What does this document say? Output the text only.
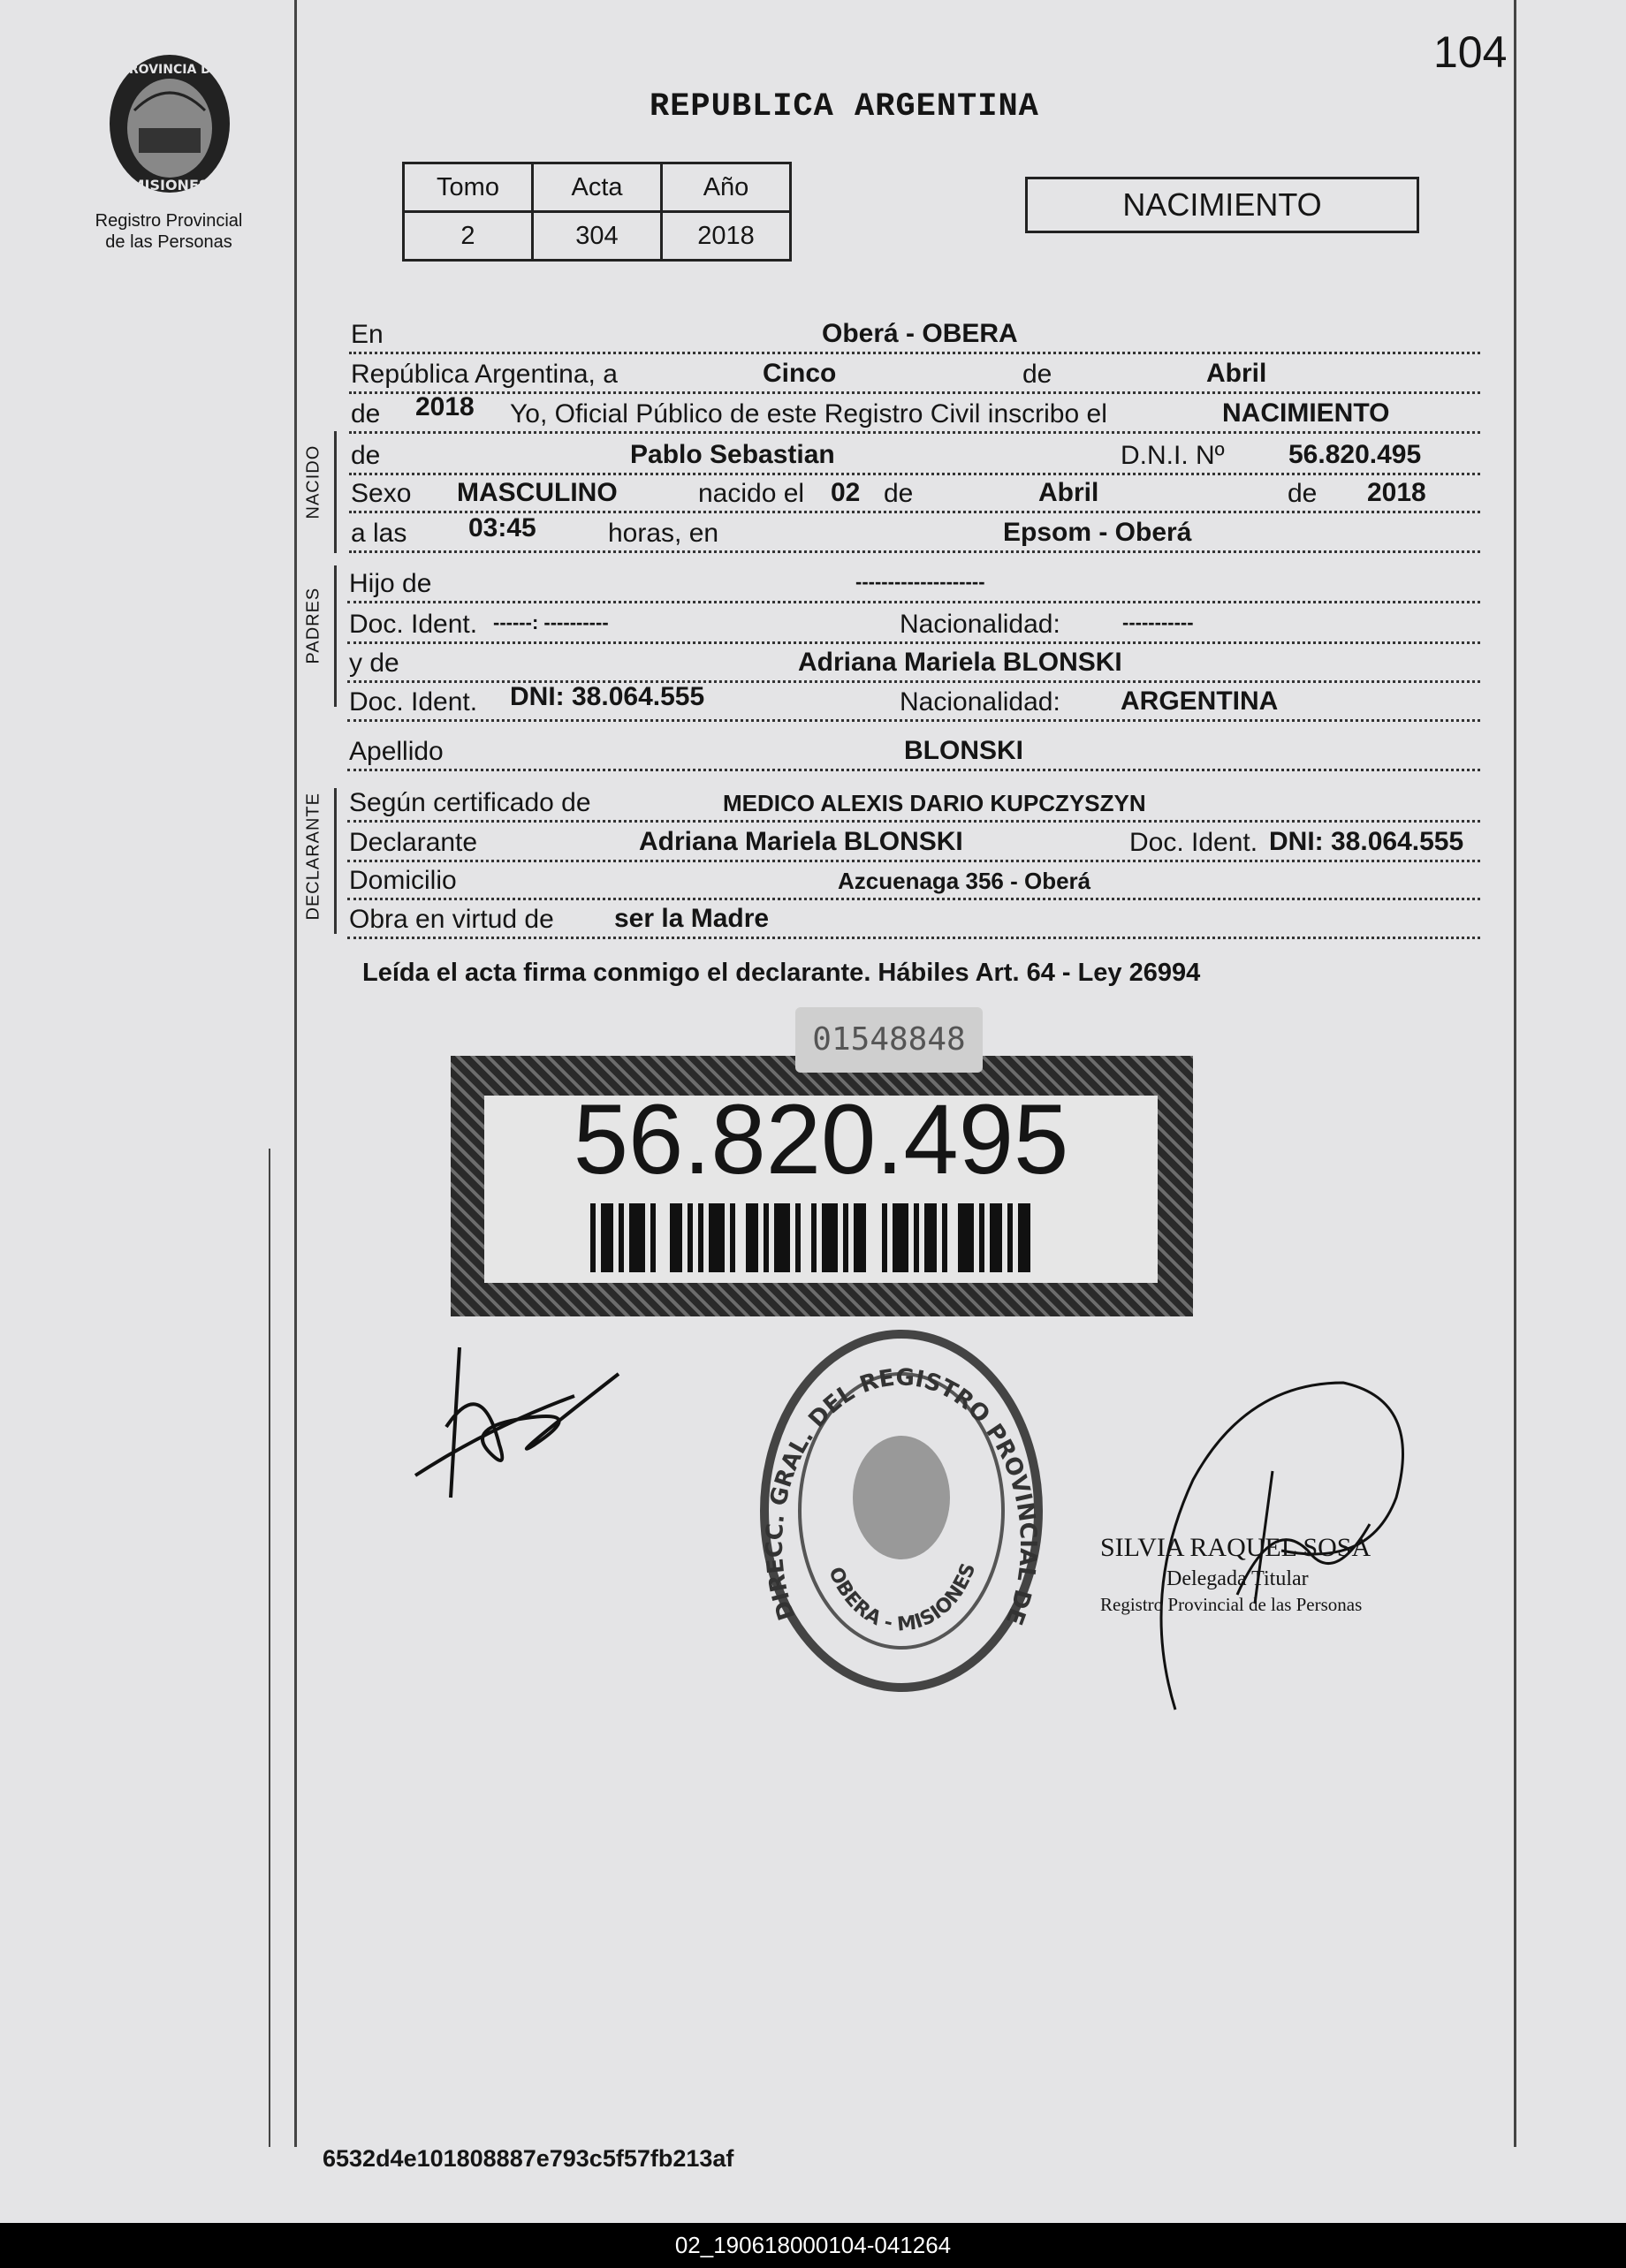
104
PROVINCIA DE
MISIONES
Registro Provincial
de las Personas
REPUBLICA ARGENTINA
Tomo	Acta	Año
2	304	2018
NACIMIENTO
En	Oberá - OBERA
República Argentina, a	Cinco	de	Abril
de 2018 Yo, Oficial Público de este Registro Civil inscribo el	NACIMIENTO
NACIDO de	Pablo Sebastian	D.N.I. Nº 56.820.495
Sexo MASCULINO	nacido el 02 de	Abril	de 2018
a las 03:45	horas, en	Epsom - Oberá
PADRES
Hijo de	--------------------
Doc. Ident. ------: ----------	Nacionalidad:	-----------
y de	Adriana Mariela BLONSKI
Doc. Ident. DNI: 38.064.555	Nacionalidad: ARGENTINA
Apellido	BLONSKI
DECLARANTE Según certificado de	MEDICO ALEXIS DARIO KUPCZYSZYN
Declarante	Adriana Mariela BLONSKI	Doc. Ident. DNI: 38.064.555
Domicilio	Azcuenaga 356 - Oberá
Obra en virtud de ser la Madre
Leída el acta firma conmigo el declarante. Hábiles Art. 64 - Ley 26994
56.820.495
01548848
DIRECC. GRAL. DEL REGISTRO PROVINCIAL DE
OBERA - MISIONES
SILVIA RAQUEL SOSA
Delegada Titular
Registro Provincial de las Personas
6532d4e101808887e793c5f57fb213af
02_190618000104-041264
